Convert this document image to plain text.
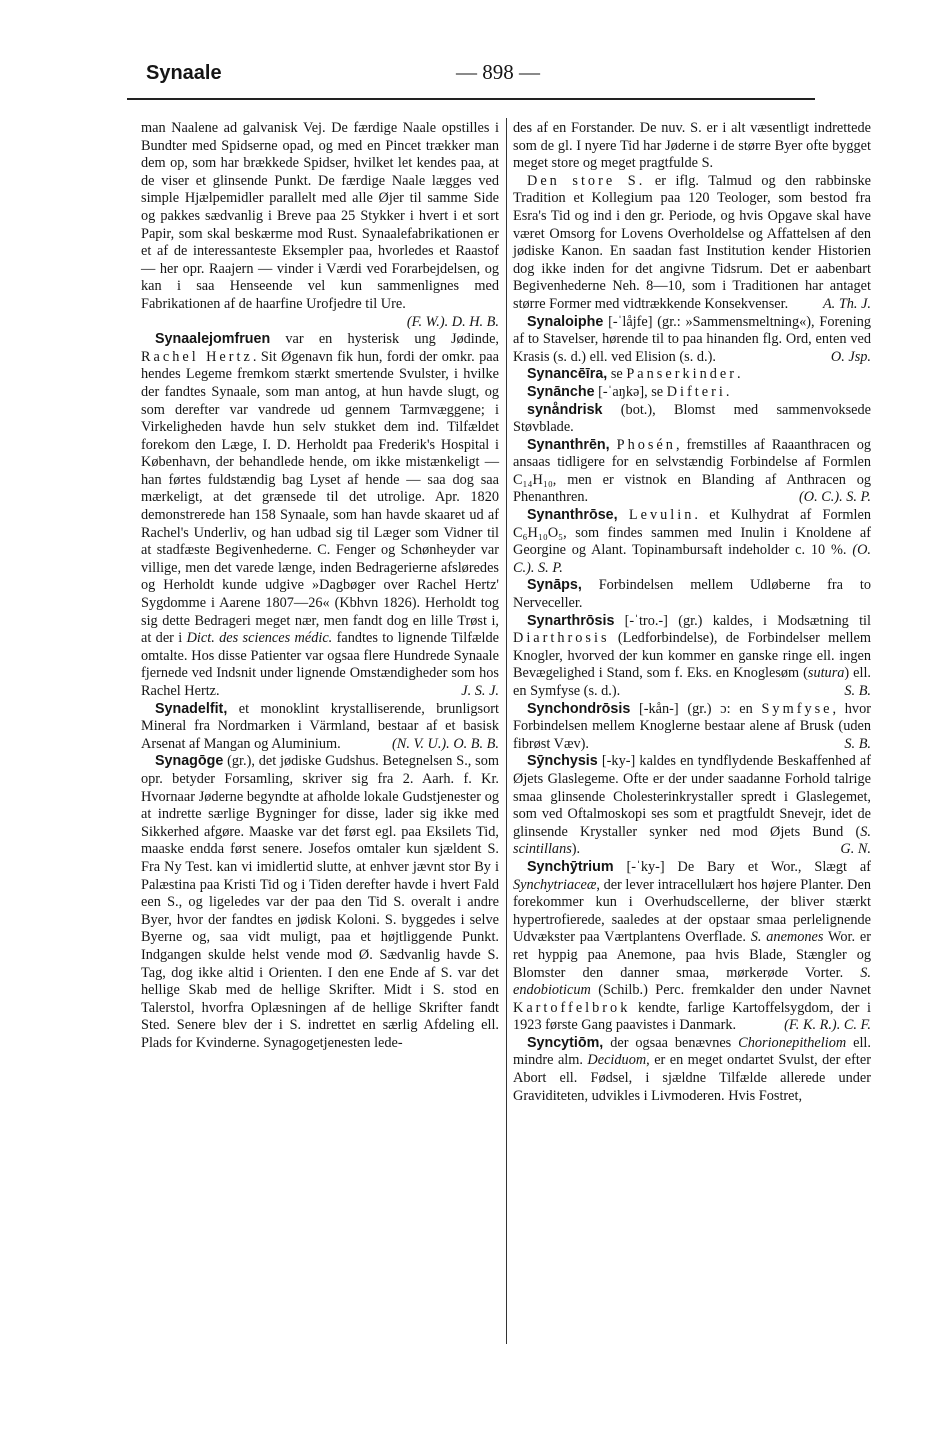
Synaale	— 898 —

man Naalene ad galvanisk Vej. De færdige Naale opstilles i Bundter med Spidserne opad, og med en Pincet trækker man dem op, som har brækkede Spidser, hvilket let kendes paa, at de viser et glinsende Punkt. De færdige Naale lægges ved simple Hjælpemidler parallelt med alle Øjer til samme Side og pakkes sædvanlig i Breve paa 25 Stykker i hvert i et sort Papir, som skal beskærme mod Rust. Synaalefabrikationen er et af de interessanteste Eksempler paa, hvorledes et Raastof — her opr. Raajern — vinder i Værdi ved Forarbejdelsen, og kan i saa Henseende vel kun sammenlignes med Fabrikationen af de haarfine Urofjedre til Ure.

(F. W.). D. H. B.

Synaalejomfruen var en hysterisk ung Jødinde, Rachel Hertz. Sit Øgenavn fik hun, fordi der omkr. paa hendes Legeme fremkom stærkt smertende Svulster, i hvilke der fandtes Synaale, som man antog, at hun havde slugt, og som derefter var vandrede ud gennem Tarmvæggene; i Virkeligheden havde hun selv stukket dem ind. Tilfældet forekom den Læge, I. D. Herholdt paa Frederik's Hospital i København, der behandlede hende, om ikke mistænkeligt — han førtes fuldstændig bag Lyset af hende — saa dog saa mærkeligt, at det grænsede til det utrolige. Apr. 1820 demonstrerede han 158 Synaale, som han havde skaaret ud af Rachel's Underliv, og han udbad sig til Læger som Vidner til at stadfæste Begivenhederne. C. Fenger og Schønheyder var villige, men det varede længe, inden Bedragerierne afsløredes og Herholdt kunde udgive »Dagbøger over Rachel Hertz' Sygdomme i Aarene 1807—26« (Kbhvn 1826). Herholdt tog sig dette Bedrageri meget nær, men fandt dog en lille Trøst i, at der i Dict. des sciences médic. fandtes to lignende Tilfælde omtalte. Hos disse Patienter var ogsaa flere Hundrede Synaale fjernede ved Indsnit under lignende Omstændigheder som hos Rachel Hertz.	J. S. J.

Synadelfit, et monoklint krystalliserende, brunligsort Mineral fra Nordmarken i Värmland, bestaar af et basisk Arsenat af Mangan og Aluminium.	(N. V. U.). O. B. B.

Synagōge (gr.), det jødiske Gudshus. Betegnelsen S., som opr. betyder Forsamling, skriver sig fra 2. Aarh. f. Kr. Hvornaar Jøderne begyndte at afholde lokale Gudstjenester og at indrette særlige Bygninger for disse, lader sig ikke med Sikkerhed afgøre. Maaske var det først egl. paa Eksilets Tid, maaske endda først senere. Josefos omtaler kun sjældent S. Fra Ny Test. kan vi imidlertid slutte, at enhver jævnt stor By i Palæstina paa Kristi Tid og i Tiden derefter havde i hvert Fald een S., og ligeledes var der paa den Tid S. overalt i andre Byer, hvor der fandtes en jødisk Koloni. S. byggedes i selve Byerne og, saa vidt muligt, paa et højtliggende Punkt. Indgangen skulde helst vende mod Ø. Sædvanlig havde S. Tag, dog ikke altid i Orienten. I den ene Ende af S. var det hellige Skab med de hellige Skrifter. Midt i S. stod en Talerstol, hvorfra Oplæsningen af de hellige Skrifter fandt Sted. Senere blev der i S. indrettet en særlig Afdeling ell. Plads for Kvinderne. Synagogetjenesten lede-

des af en Forstander. De nuv. S. er i alt væsentligt indrettede som de gl. I nyere Tid har Jøderne i de større Byer ofte bygget meget store og meget pragtfulde S.

Den store S. er iflg. Talmud og den rabbinske Tradition et Kollegium paa 120 Teologer, som bestod fra Esra's Tid og ind i den gr. Periode, og hvis Opgave skal have været Omsorg for Lovens Overholdelse og Affattelsen af den jødiske Kanon. En saadan fast Institution kender Historien dog ikke inden for det angivne Tidsrum. Det er aabenbart Begivenhederne Neh. 8—10, som i Traditionen har antaget større Former med vidtrækkende Konsekvenser.	A. Th. J.

Synaloiphe [-ˈlåjfe] (gr.: »Sammensmeltning«), Forening af to Stavelser, hørende til to paa hinanden flg. Ord, enten ved Krasis (s. d.) ell. ved Elision (s. d.).	O. Jsp.

Synancēīra, se Panserkinder.

Synānche [-ˈaŋkə], se Difteri.

synåndrisk (bot.), Blomst med sammenvoksede Støvblade.

Synanthrēn, Phosén, fremstilles af Raaanthracen og ansaas tidligere for en selvstændig Forbindelse af Formlen C₁₄H₁₀, men er vistnok en Blanding af Anthracen og Phenanthren.	(O. C.). S. P.

Synanthrōse, Levulin. et Kulhydrat af Formlen C₆H₁₀O₅, som findes sammen med Inulin i Knoldene af Georgine og Alant. Topinambursaft indeholder c. 10 %. (O. C.). S. P.

Synāps, Forbindelsen mellem Udløberne fra to Nerveceller.

Synarthrōsis [-ˈtro.-] (gr.) kaldes, i Modsætning til Diarthrosis (Ledforbindelse), de Forbindelser mellem Knogler, hvorved der kun kommer en ganske ringe ell. ingen Bevægelighed i Stand, som f. Eks. en Knoglesøm (sutura) ell. en Symfyse (s. d.).	S. B.

Synchondrōsis [-kån-] (gr.) ɔ: en Symfyse, hvor Forbindelsen mellem Knoglerne bestaar alene af Brusk (uden fibrøst Væv).	S. B.

Sȳnchysis [-ky-] kaldes en tyndflydende Beskaffenhed af Øjets Glaslegeme. Ofte er der under saadanne Forhold talrige smaa glinsende Cholesterinkrystaller spredt i Glaslegemet, som ved Oftalmoskopi ses som et pragtfuldt Snevejr, idet de glinsende Krystaller synker ned mod Øjets Bund (S. scintillans).	G. N.

Synchȳtrium [-ˈky-] De Bary et Wor., Slægt af Synchytriaceæ, der lever intracellulært hos højere Planter. Den forekommer kun i Overhudscellerne, der bliver stærkt hypertrofierede, saaledes at der opstaar smaa perlelignende Udvækster paa Værtplantens Overflade. S. anemones Wor. er ret hyppig paa Anemone, paa hvis Blade, Stængler og Blomster den danner smaa, mørkerøde Vorter. S. endobioticum (Schilb.) Perc. fremkalder den under Navnet Kartoffelbrok kendte, farlige Kartoffelsygdom, der i 1923 første Gang paavistes i Danmark.	(F. K. R.). C. F.

Syncytiōm, der ogsaa benævnes Chorionepitheliom ell. mindre alm. Deciduom, er en meget ondartet Svulst, der efter Abort ell. Fødsel, i sjældne Tilfælde allerede under Graviditeten, udvikles i Livmoderen. Hvis Fostret,
